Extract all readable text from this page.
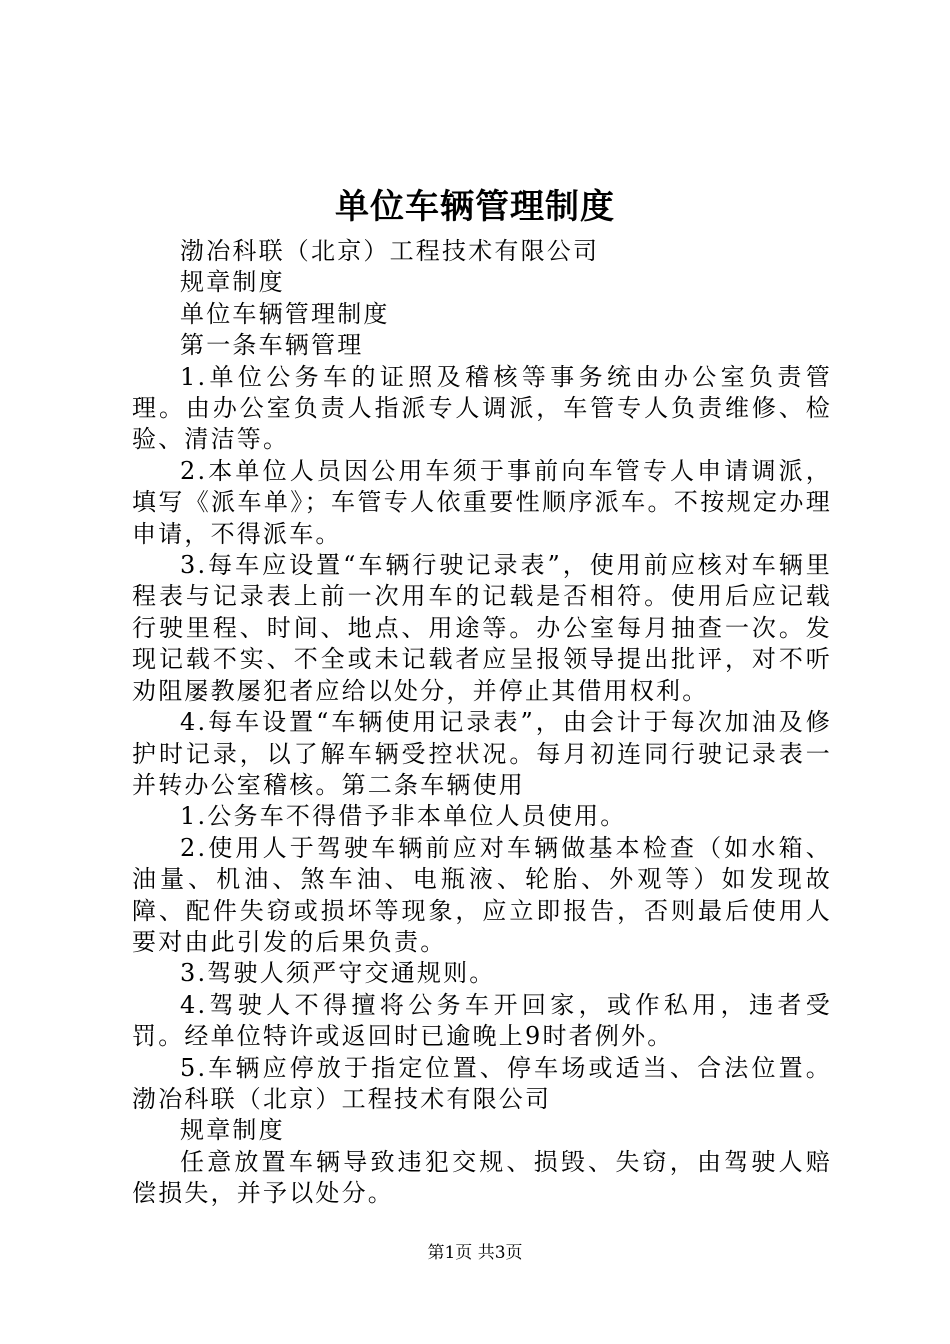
单位车辆管理制度

渤冶科联（北京）工程技术有限公司

规章制度

单位车辆管理制度

第一条车辆管理

1.单位公务车的证照及稽核等事务统由办公室负责管理。由办公室负责人指派专人调派，车管专人负责维修、检验、清洁等。

2.本单位人员因公用车须于事前向车管专人申请调派，填写《派车单》；车管专人依重要性顺序派车。不按规定办理申请，不得派车。

3.每车应设置“车辆行驶记录表”，使用前应核对车辆里程表与记录表上前一次用车的记载是否相符。使用后应记载行驶里程、时间、地点、用途等。办公室每月抽查一次。发现记载不实、不全或未记载者应呈报领导提出批评，对不听劝阻屡教屡犯者应给以处分，并停止其借用权利。

4.每车设置“车辆使用记录表”，由会计于每次加油及修护时记录，以了解车辆受控状况。每月初连同行驶记录表一并转办公室稽核。第二条车辆使用

1.公务车不得借予非本单位人员使用。

2.使用人于驾驶车辆前应对车辆做基本检查（如水箱、油量、机油、煞车油、电瓶液、轮胎、外观等）如发现故障、配件失窃或损坏等现象，应立即报告，否则最后使用人要对由此引发的后果负责。

3.驾驶人须严守交通规则。

4.驾驶人不得擅将公务车开回家，或作私用，违者受罚。经单位特许或返回时已逾晚上9时者例外。

5.车辆应停放于指定位置、停车场或适当、合法位置。渤冶科联（北京）工程技术有限公司

规章制度

任意放置车辆导致违犯交规、损毁、失窃，由驾驶人赔偿损失，并予以处分。

第1页 共3页
